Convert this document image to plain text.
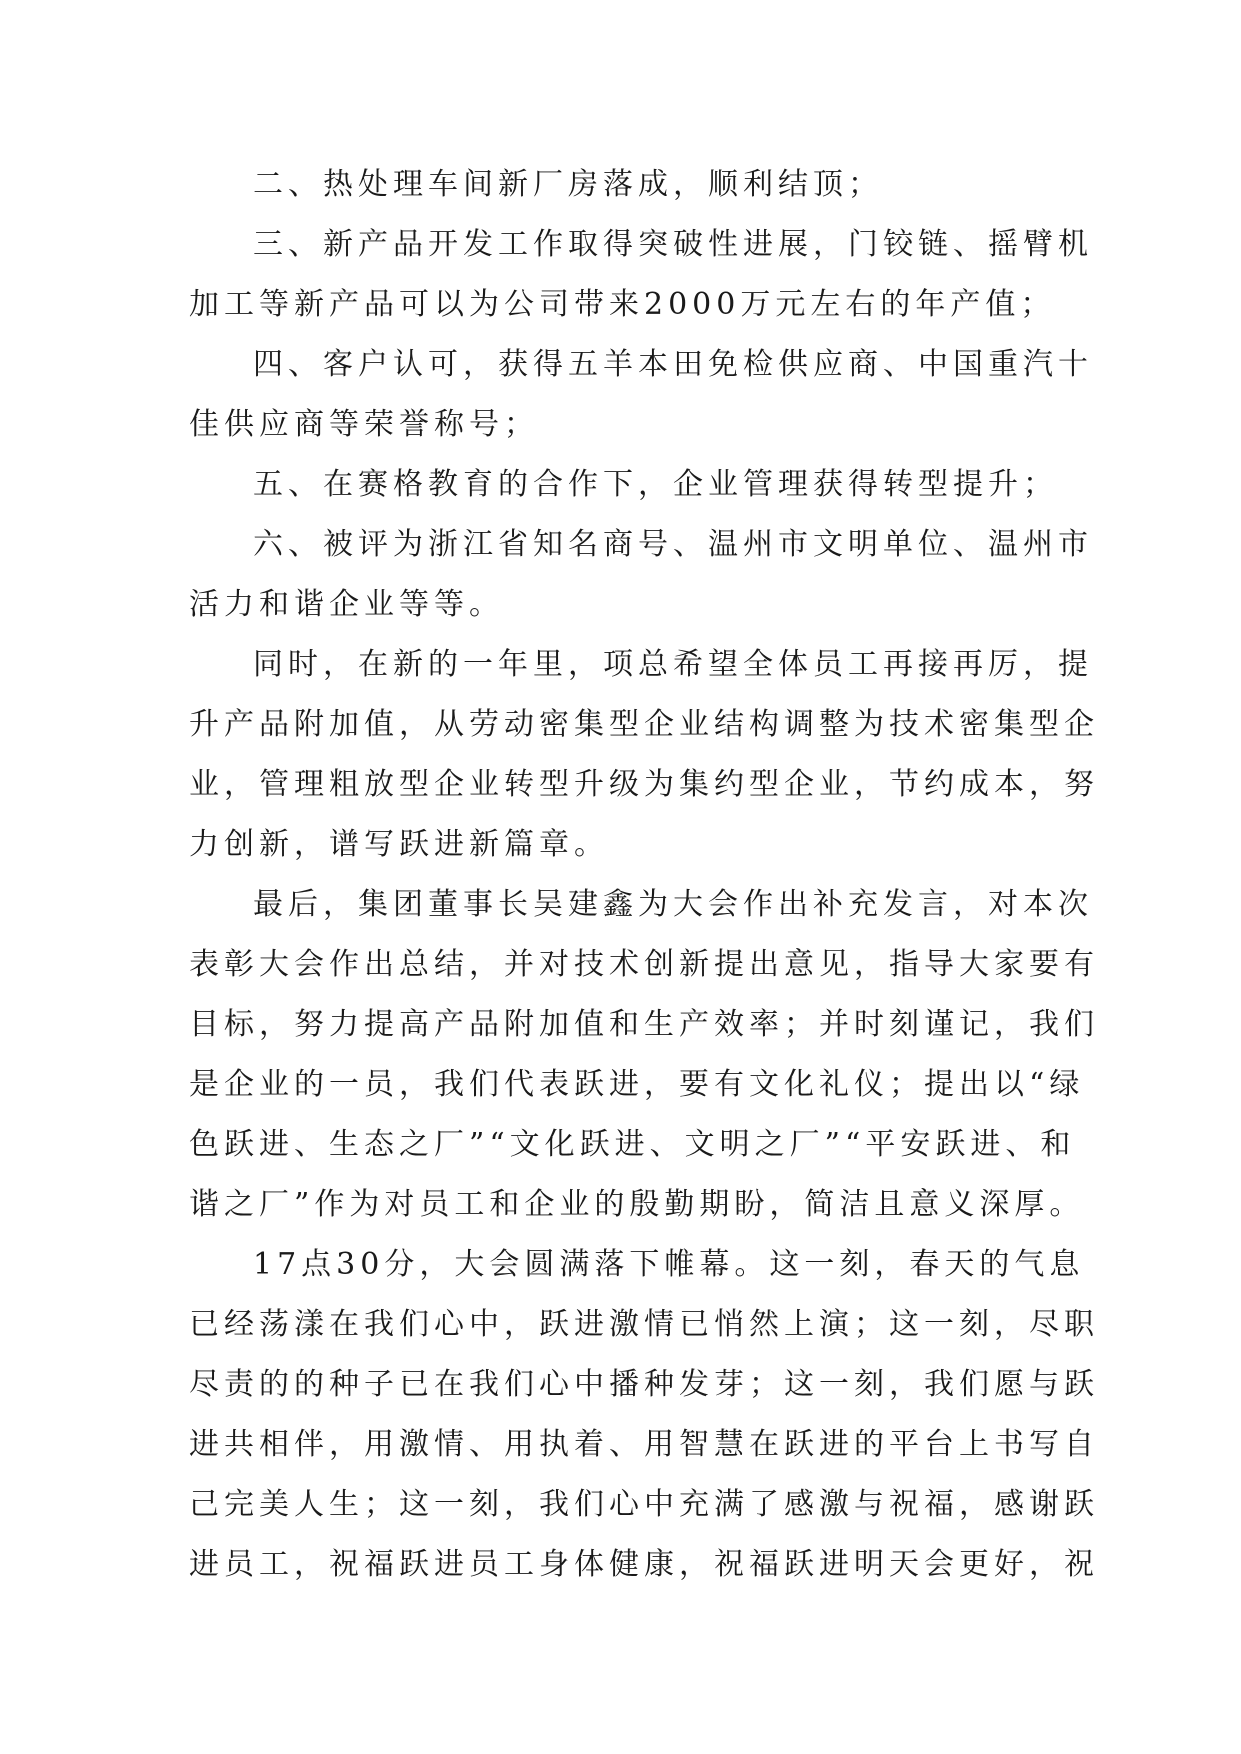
二、热处理车间新厂房落成，顺利结顶；
三、新产品开发工作取得突破性进展，门铰链、摇臂机
加工等新产品可以为公司带来2000万元左右的年产值；
四、客户认可，获得五羊本田免检供应商、中国重汽十
佳供应商等荣誉称号；
五、在赛格教育的合作下，企业管理获得转型提升；
六、被评为浙江省知名商号、温州市文明单位、温州市
活力和谐企业等等。
同时，在新的一年里，项总希望全体员工再接再厉，提
升产品附加值，从劳动密集型企业结构调整为技术密集型企
业，管理粗放型企业转型升级为集约型企业，节约成本，努
力创新，谱写跃进新篇章。
最后，集团董事长吴建鑫为大会作出补充发言，对本次
表彰大会作出总结，并对技术创新提出意见，指导大家要有
目标，努力提高产品附加值和生产效率；并时刻谨记，我们
是企业的一员，我们代表跃进，要有文化礼仪；提出以“绿
色跃进、生态之厂”“文化跃进、文明之厂”“平安跃进、和
谐之厂”作为对员工和企业的殷勤期盼，简洁且意义深厚。
17点30分，大会圆满落下帷幕。这一刻，春天的气息
已经荡漾在我们心中，跃进激情已悄然上演；这一刻，尽职
尽责的的种子已在我们心中播种发芽；这一刻，我们愿与跃
进共相伴，用激情、用执着、用智慧在跃进的平台上书写自
己完美人生；这一刻，我们心中充满了感激与祝福，感谢跃
进员工，祝福跃进员工身体健康，祝福跃进明天会更好，祝
